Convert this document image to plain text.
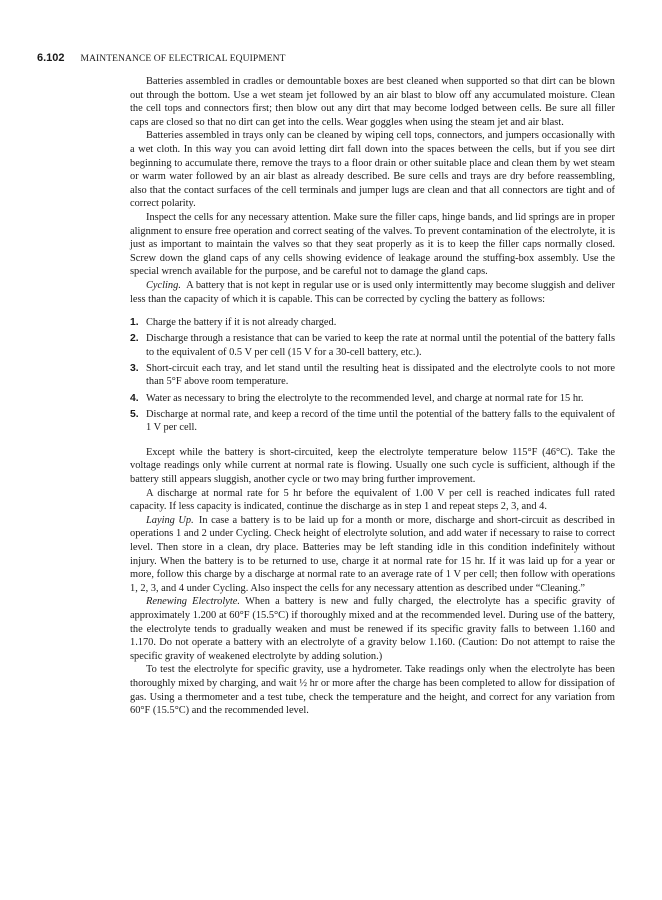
6.102 MAINTENANCE OF ELECTRICAL EQUIPMENT

Batteries assembled in cradles or demountable boxes are best cleaned when supported so that dirt can be blown out through the bottom. Use a wet steam jet followed by an air blast to blow off any accumulated moisture. Clean the cell tops and connectors first; then blow out any dirt that may become lodged between cells. Be sure all filler caps are closed so that no dirt can get into the cells. Wear goggles when using the steam jet and air blast.

Batteries assembled in trays only can be cleaned by wiping cell tops, connectors, and jumpers occasionally with a wet cloth. In this way you can avoid letting dirt fall down into the spaces between the cells, but if you see dirt beginning to accumulate there, remove the trays to a floor drain or other suitable place and clean them by wet steam or warm water followed by an air blast as already described. Be sure cells and trays are dry before reassembling, also that the contact surfaces of the cell terminals and jumper lugs are clean and that all connectors are tight and of correct polarity.

Inspect the cells for any necessary attention. Make sure the filler caps, hinge bands, and lid springs are in proper alignment to ensure free operation and correct seating of the valves. To prevent contamination of the electrolyte, it is just as important to maintain the valves so that they seat properly as it is to keep the filler caps normally closed. Screw down the gland caps of any cells showing evidence of leakage around the stuffing-box assembly. Use the special wrench available for the purpose, and be careful not to damage the gland caps.

Cycling.  A battery that is not kept in regular use or is used only intermittently may become sluggish and deliver less than the capacity of which it is capable. This can be corrected by cycling the battery as follows:

1. Charge the battery if it is not already charged.
2. Discharge through a resistance that can be varied to keep the rate at normal until the potential of the battery falls to the equivalent of 0.5 V per cell (15 V for a 30-cell battery, etc.).
3. Short-circuit each tray, and let stand until the resulting heat is dissipated and the electrolyte cools to not more than 5°F above room temperature.
4. Water as necessary to bring the electrolyte to the recommended level, and charge at normal rate for 15 hr.
5. Discharge at normal rate, and keep a record of the time until the potential of the battery falls to the equivalent of 1 V per cell.

Except while the battery is short-circuited, keep the electrolyte temperature below 115°F (46°C). Take the voltage readings only while current at normal rate is flowing. Usually one such cycle is sufficient, although if the battery still appears sluggish, another cycle or two may bring further improvement.

A discharge at normal rate for 5 hr before the equivalent of 1.00 V per cell is reached indicates full rated capacity. If less capacity is indicated, continue the discharge as in step 1 and repeat steps 2, 3, and 4.

Laying Up.  In case a battery is to be laid up for a month or more, discharge and short-circuit as described in operations 1 and 2 under Cycling. Check height of electrolyte solution, and add water if necessary to raise to correct level. Then store in a clean, dry place. Batteries may be left standing idle in this condition indefinitely without injury. When the battery is to be returned to use, charge it at normal rate for 15 hr. If it was laid up for a year or more, follow this charge by a discharge at normal rate to an average rate of 1 V per cell; then follow with operations 1, 2, 3, and 4 under Cycling. Also inspect the cells for any necessary attention as described under “Cleaning.”

Renewing Electrolyte.  When a battery is new and fully charged, the electrolyte has a specific gravity of approximately 1.200 at 60°F (15.5°C) if thoroughly mixed and at the recommended level. During use of the battery, the electrolyte tends to gradually weaken and must be renewed if its specific gravity falls to between 1.160 and 1.170. Do not operate a battery with an electrolyte of a gravity below 1.160. (Caution: Do not attempt to raise the specific gravity of weakened electrolyte by adding solution.)

To test the electrolyte for specific gravity, use a hydrometer. Take readings only when the electrolyte has been thoroughly mixed by charging, and wait ½ hr or more after the charge has been completed to allow for dissipation of gas. Using a thermometer and a test tube, check the temperature and the height, and correct for any variation from 60°F (15.5°C) and the recommended level.
